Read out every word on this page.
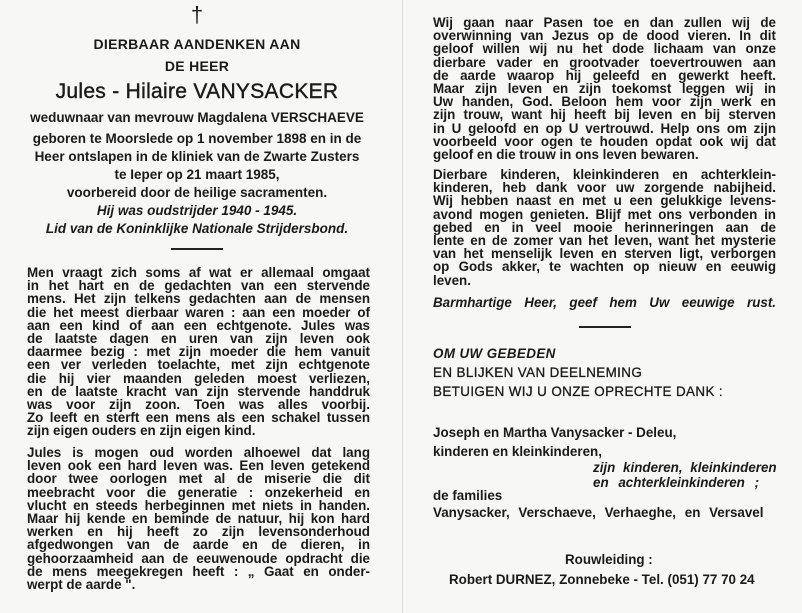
†
DIERBAAR AANDENKEN AAN
DE HEER
Jules - Hilaire VANYSACKER
weduwnaar van mevrouw Magdalena VERSCHAEVE
geboren te Moorslede op 1 november 1898 en in de
Heer ontslapen in de kliniek van de Zwarte Zusters
te Ieper op 21 maart 1985,
voorbereid door de heilige sacramenten.
Hij was oudstrijder 1940 - 1945.
Lid van de Koninklijke Nationale Strijdersbond.
Men vraagt zich soms af wat er allemaal omgaat
in het hart en de gedachten van een stervende
mens. Het zijn telkens gedachten aan de mensen
die het meest dierbaar waren : aan een moeder of
aan een kind of aan een echtgenote. Jules was
de laatste dagen en uren van zijn leven ook
daarmee bezig : met zijn moeder die hem vanuit
een ver verleden toelachte, met zijn echtgenote
die hij vier maanden geleden moest verliezen,
en de laatste kracht van zijn stervende handdruk
was voor zijn zoon. Toen was alles voorbij.
Zo leeft en sterft een mens als een schakel tussen
zijn eigen ouders en zijn eigen kind.
Jules is mogen oud worden alhoewel dat lang
leven ook een hard leven was. Een leven getekend
door twee oorlogen met al de miserie die dit
meebracht voor die generatie : onzekerheid en
vlucht en steeds herbeginnen met niets in handen.
Maar hij kende en beminde de natuur, hij kon hard
werken en hij heeft zo zijn levensonderhoud
afgedwongen van de aarde en de dieren, in
gehoorzaamheid aan de eeuwenoude opdracht die
de mens meegekregen heeft : „ Gaat en onder-
werpt de aarde ".
Wij gaan naar Pasen toe en dan zullen wij de
overwinning van Jezus op de dood vieren. In dit
geloof willen wij nu het dode lichaam van onze
dierbare vader en grootvader toevertrouwen aan
de aarde waarop hij geleefd en gewerkt heeft.
Maar zijn leven en zijn toekomst leggen wij in
Uw handen, God. Beloon hem voor zijn werk en
zijn trouw, want hij heeft bij leven en bij sterven
in U geloofd en op U vertrouwd. Help ons om zijn
voorbeeld voor ogen te houden opdat ook wij dat
geloof en die trouw in ons leven bewaren.
Dierbare kinderen, kleinkinderen en achterklein-
kinderen, heb dank voor uw zorgende nabijheid.
Wij hebben naast en met u een gelukkige levens-
avond mogen genieten. Blijf met ons verbonden in
gebed en in veel mooie herinneringen aan de
lente en de zomer van het leven, want het mysterie
van het menselijk leven en sterven ligt, verborgen
op Gods akker, te wachten op nieuw en eeuwig
leven.
Barmhartige Heer, geef hem Uw eeuwige rust.
OM UW GEBEDEN
EN BLIJKEN VAN DEELNEMING
BETUIGEN WIJ U ONZE OPRECHTE DANK :
Joseph en Martha Vanysacker - Deleu,
kinderen en kleinkinderen,
zijn kinderen, kleinkinderen
en achterkleinkinderen ;
de families
Vanysacker, Verschaeve, Verhaeghe, en Versavel
Rouwleiding :
Robert DURNEZ, Zonnebeke - Tel. (051) 77 70 24
